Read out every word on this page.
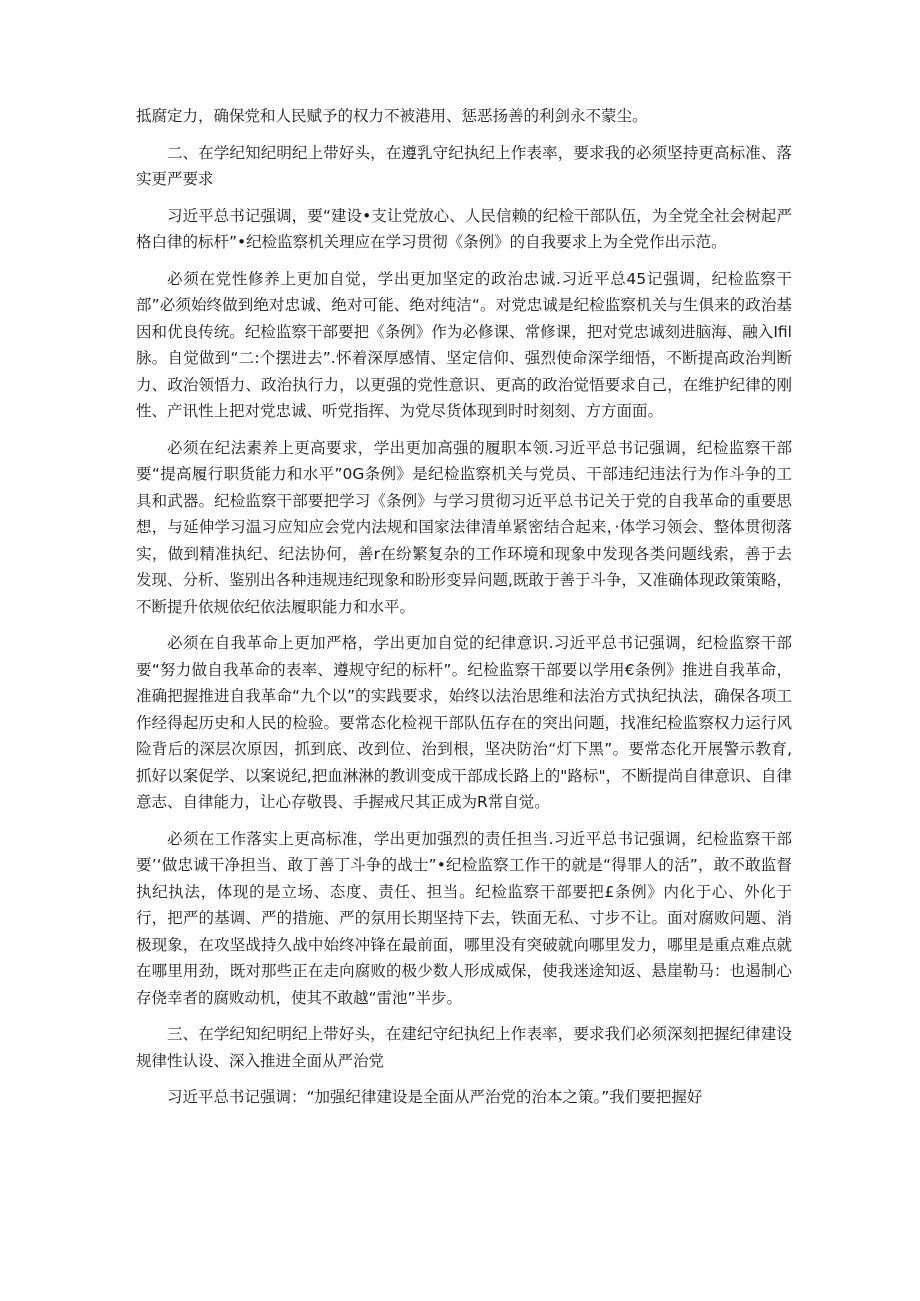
抵腐定力，确保党和人民赋予的权力不被港用、惩恶扬善的利剑永不蒙尘。

二、在学纪知纪明纪上带好头，在遵乳守纪执纪上作表率，要求我的必须坚持更高标准、落实更严要求

习近平总书记强调，要“建设•支让党放心、人民信赖的纪检干部队伍，为全党全社会树起严格白律的标杆”•纪检监察机关理应在学习贯彻《条例》的自我要求上为全党作出示范。

必须在党性修养上更加自觉，学出更加坚定的政治忠诚.习近平总45记强调，纪检监察干部”必须始终做到绝对忠诚、绝对可能、绝对纯洁“。对党忠诚是纪检监察机关与生俱来的政治基因和优良传统。纪检监察干部要把《条例》作为必修课、常修课，把对党忠诚刻进脑海、融入Ifil脉。自觉做到“二:个摆进去”.怀着深厚感情、坚定信仰、强烈使命深学细悟，不断提高政治判断力、政治领悟力、政治执行力，以更强的党性意识、更高的政治觉悟要求自己，在维护纪律的刚性、产讯性上把对党忠诚、听党指挥、为党尽货体现到时时刻刻、方方面面。

必须在纪法素养上更高要求，学出更加高强的履职本领.习近平总书记强调，纪检监察干部要“提高履行职货能力和水平”0G条例》是纪检监察机关与党员、干部违纪违法行为作斗争的工具和武器。纪检监察干部要把学习《条例》与学习贯彻习近平总书记关于党的自我革命的重要思想，与延伸学习温习应知应会党内法规和国家法律清单紧密结合起来，·体学习领会、整体贯彻落实，做到精准执纪、纪法协何，善r在纷繁复杂的工作环境和现象中发现各类问题线索，善于去发现、分析、鉴别出各种违规违纪现象和盼形变异问题,既敢于善于斗争，又准确体现政策策略，不断提升依规依纪依法履职能力和水平。

必须在自我革命上更加严格，学出更加自觉的纪律意识.习近平总书记强调，纪检监察干部要“努力做自我革命的表率、遵规守纪的标杆”。纪检监察干部要以学用€条例》推进自我革命，准确把握推进自我革命“九个以”的实践要求，始终以法治思维和法治方式执纪执法，确保各项工作经得起历史和人民的检验。要常态化检视干部队伍存在的突出问题，找准纪检监察权力运行风险背后的深层次原因，抓到底、改到位、治到根，坚决防治“灯下黑”。要常态化开展警示教育,抓好以案促学、以案说纪,把血淋淋的教训变成干部成长路上的"路标"，不断提尚自律意识、自律意志、自律能力，让心存敬畏、手握戒尺其正成为R常自觉。

必须在工作落实上更高标准，学出更加强烈的责任担当.习近平总书记强调，纪检监察干部要’‘做忠诚干净担当、敢丁善丁斗争的战士”•纪检监察工作干的就是“得罪人的活”，敢不敢监督执纪执法，体现的是立场、态度、责任、担当。纪检监察干部要把£条例》内化于心、外化于行，把严的基调、严的措施、严的氛用长期坚持下去，铁面无私、寸步不让。面对腐败问题、消极现象，在攻坚战持久战中始终冲锋在最前面，哪里没有突破就向哪里发力，哪里是重点难点就在哪里用劲，既对那些正在走向腐败的极少数人形成威保，使我迷途知返、悬崖勒马：也遏制心存侥幸者的腐败动机，使其不敢越“雷池”半步。

三、在学纪知纪明纪上带好头，在建纪守纪执纪上作表率，要求我们必须深刻把握纪律建设规律性认设、深入推进全面从严治党

习近平总书记强调：“加强纪律建设是全面从严治党的治本之策。”我们要把握好
